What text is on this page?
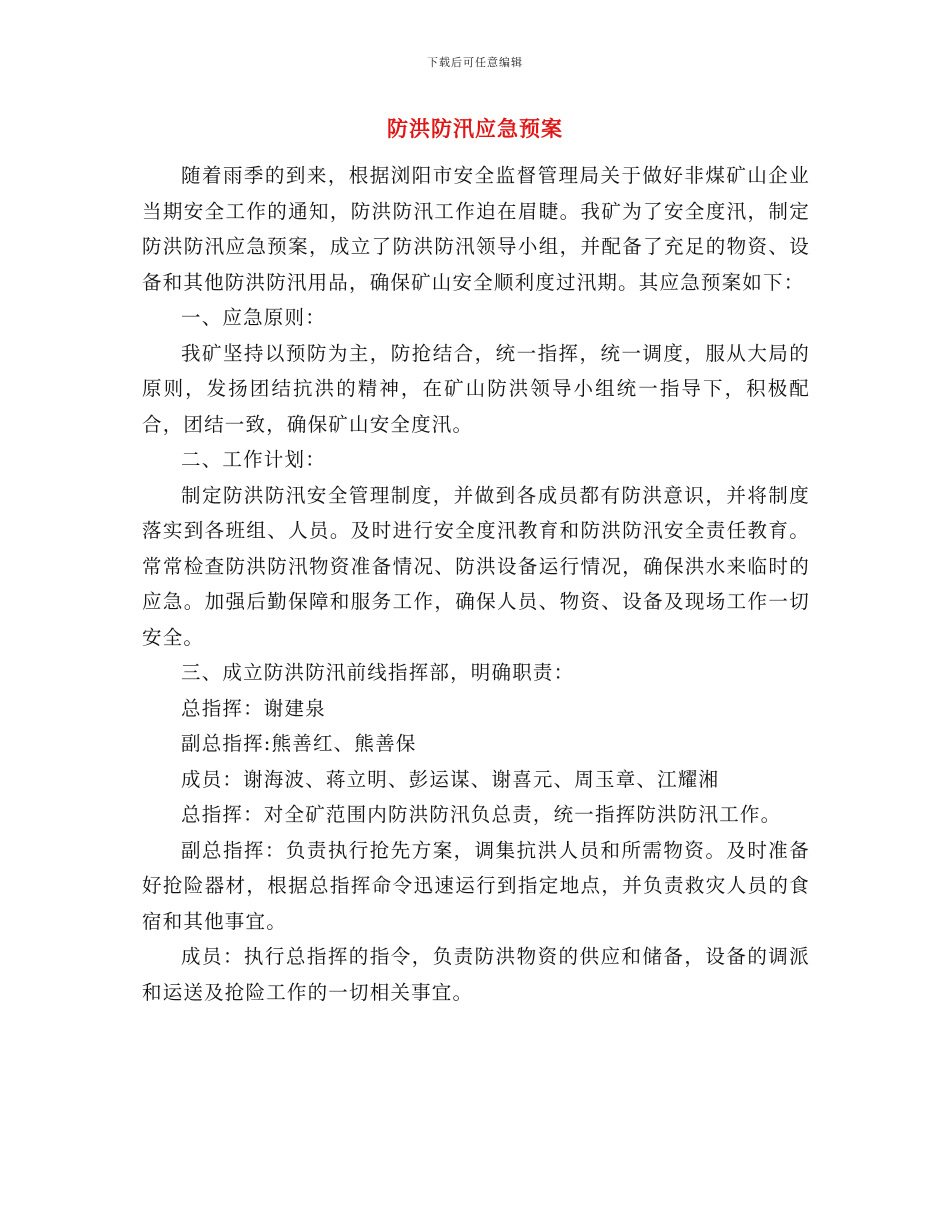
下载后可任意编辑
防洪防汛应急预案

随着雨季的到来，根据浏阳市安全监督管理局关于做好非煤矿山企业当期安全工作的通知，防洪防汛工作迫在眉睫。我矿为了安全度汛，制定防洪防汛应急预案，成立了防洪防汛领导小组，并配备了充足的物资、设备和其他防洪防汛用品，确保矿山安全顺利度过汛期。其应急预案如下：

一、应急原则：

我矿坚持以预防为主，防抢结合，统一指挥，统一调度，服从大局的原则，发扬团结抗洪的精神，在矿山防洪领导小组统一指导下，积极配合，团结一致，确保矿山安全度汛。

二、工作计划：

制定防洪防汛安全管理制度，并做到各成员都有防洪意识，并将制度落实到各班组、人员。及时进行安全度汛教育和防洪防汛安全责任教育。常常检查防洪防汛物资准备情况、防洪设备运行情况，确保洪水来临时的应急。加强后勤保障和服务工作，确保人员、物资、设备及现场工作一切安全。

三、成立防洪防汛前线指挥部，明确职责：

总指挥：谢建泉

副总指挥:熊善红、熊善保

成员：谢海波、蒋立明、彭运谋、谢喜元、周玉章、江耀湘

总指挥：对全矿范围内防洪防汛负总责，统一指挥防洪防汛工作。

副总指挥：负责执行抢先方案，调集抗洪人员和所需物资。及时准备好抢险器材，根据总指挥命令迅速运行到指定地点，并负责救灾人员的食宿和其他事宜。

成员：执行总指挥的指令，负责防洪物资的供应和储备，设备的调派和运送及抢险工作的一切相关事宜。
